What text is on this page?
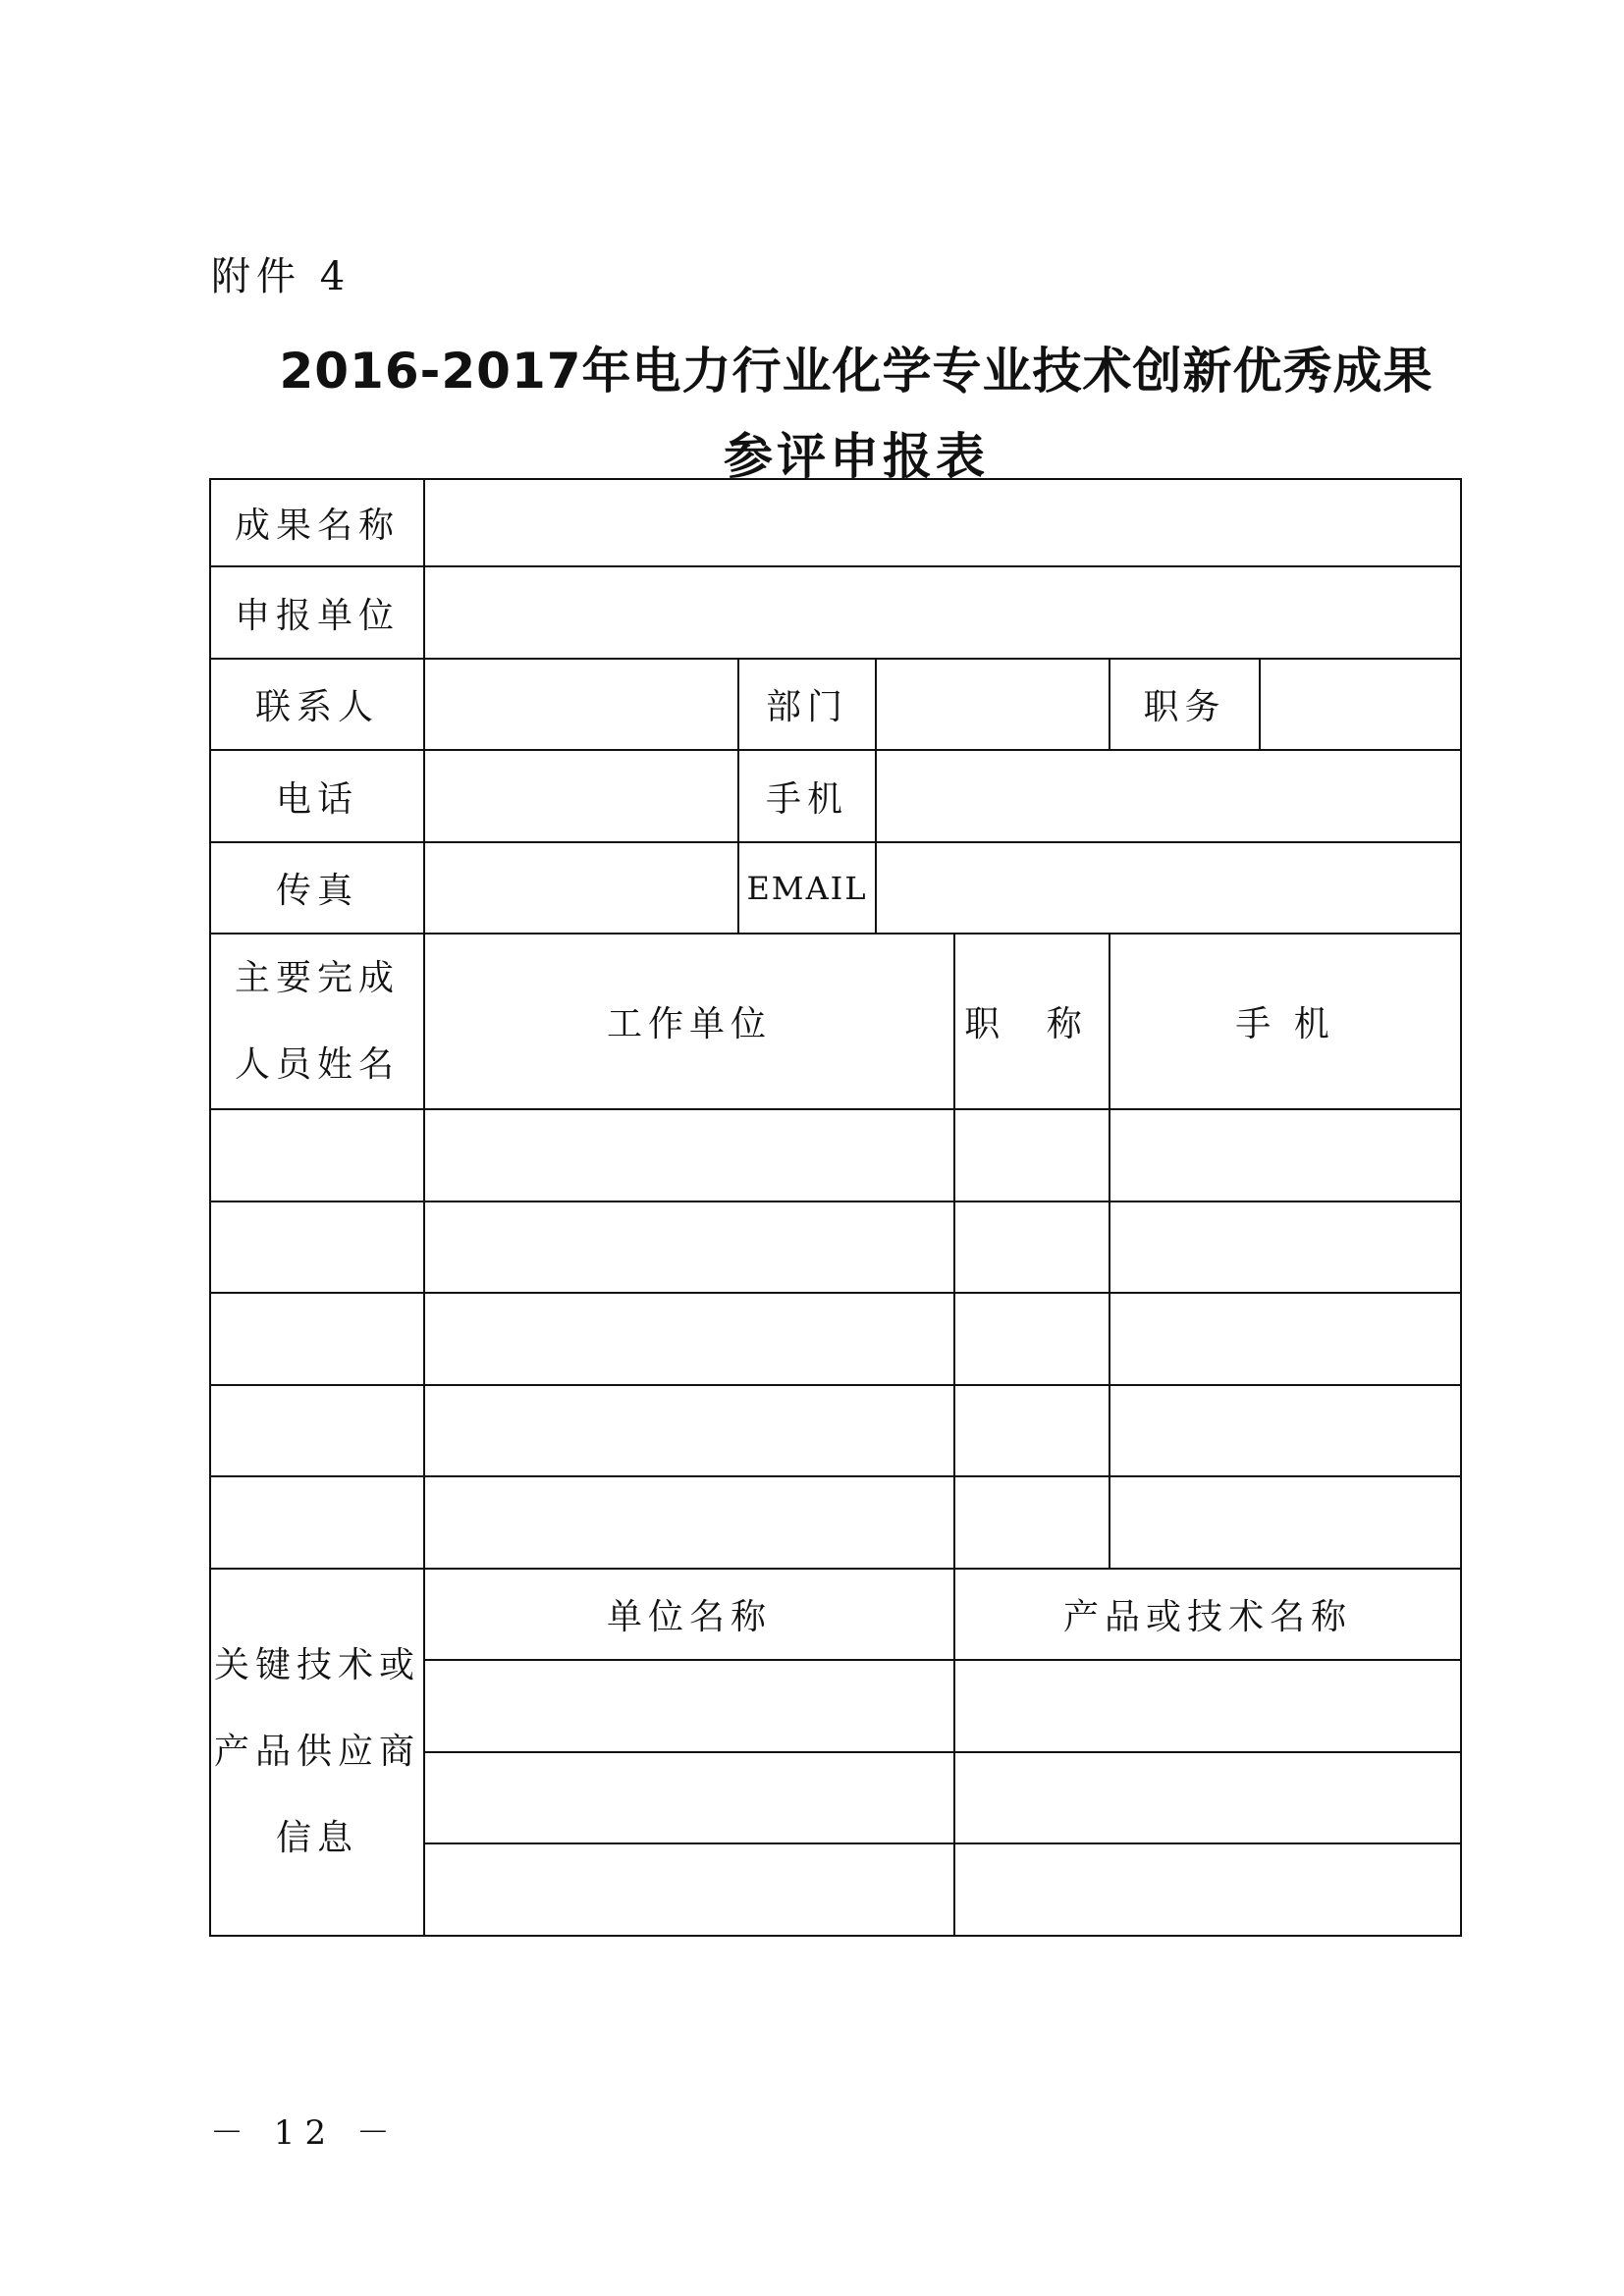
附件 4
2016-2017年电力行业化学专业技术创新优秀成果
参评申报表
成果名称						
申报单位						
联系人		部门			职务	
电话		手机				
传真		EMAIL				

主要完成
人员姓名	工作单位			职 称	手 机	

关键技术或
产品供应商
信息	单位名称			产品或技术名称		

－ 12 －
